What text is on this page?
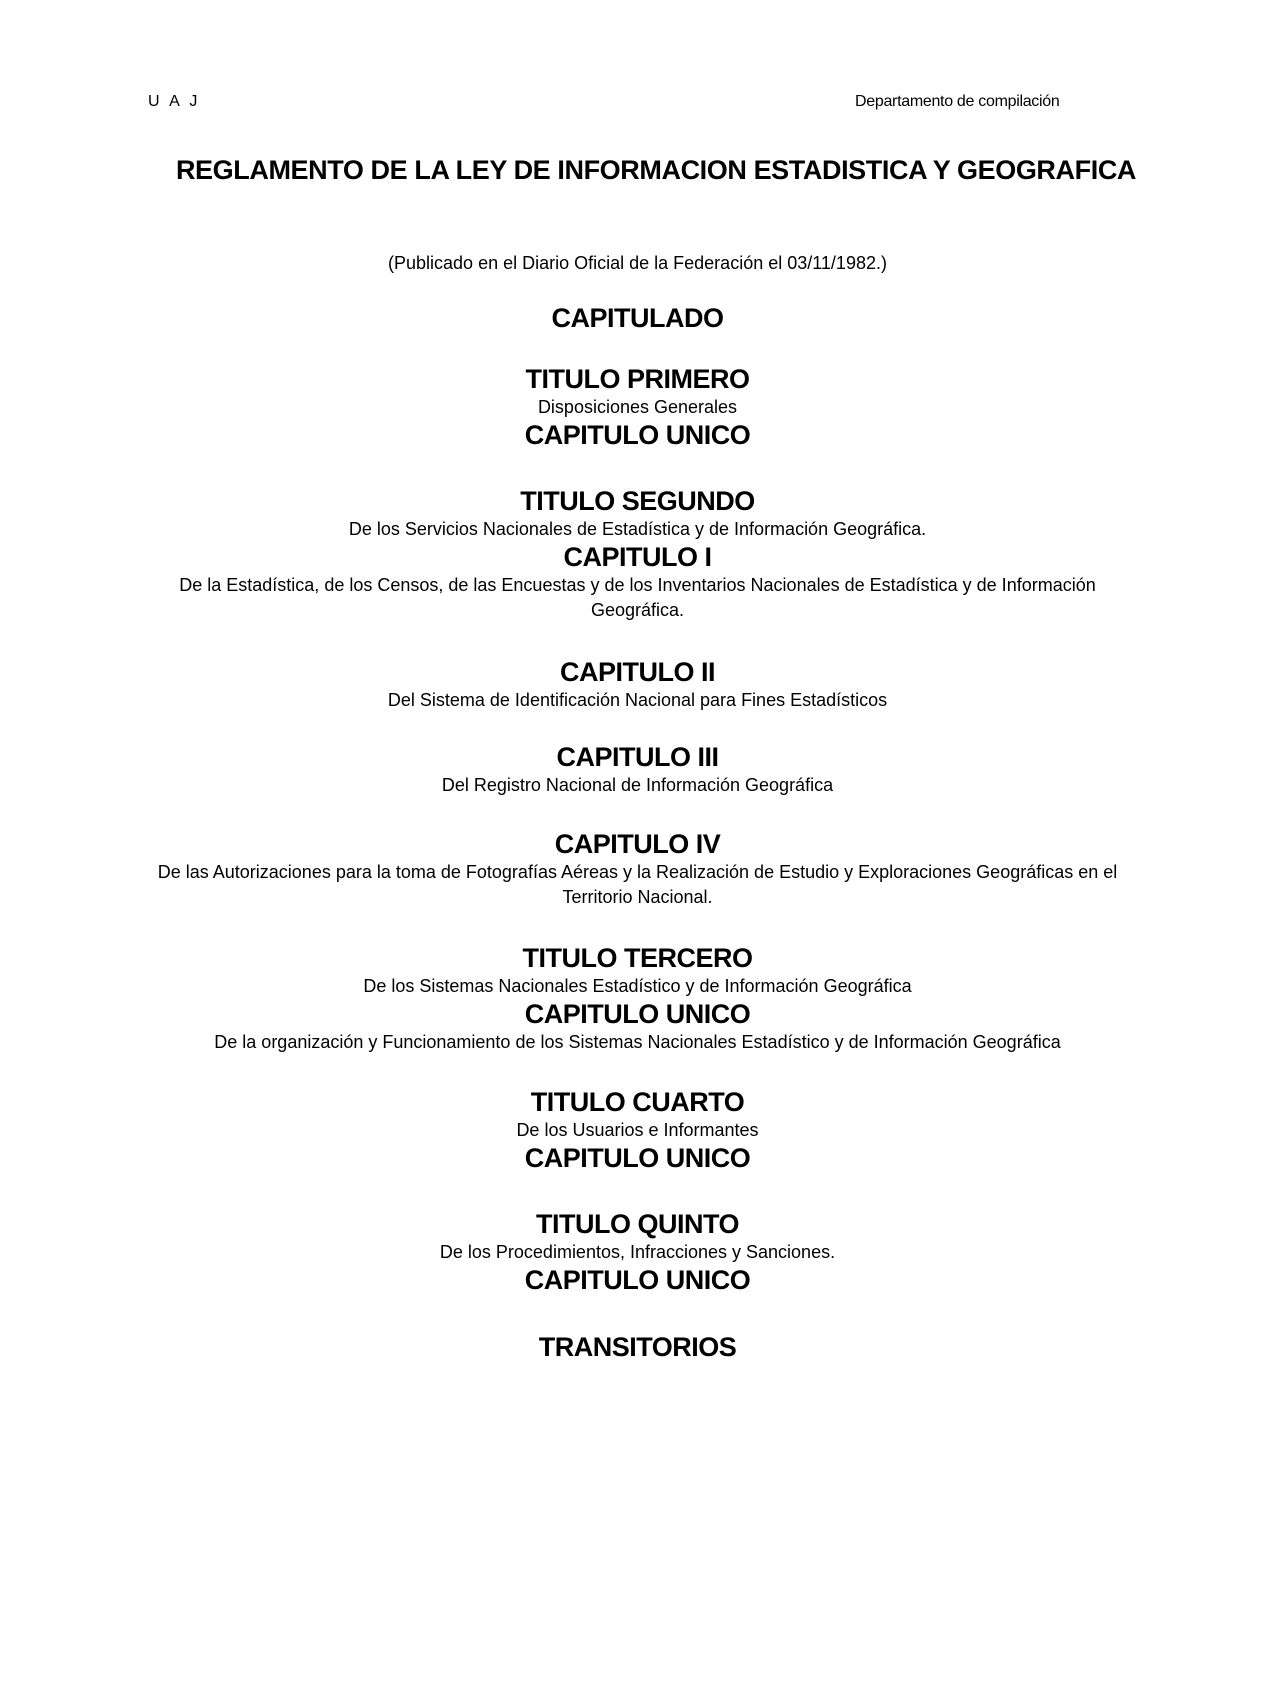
U A J	Departamento de compilación
REGLAMENTO DE LA LEY DE INFORMACION ESTADISTICA Y GEOGRAFICA
(Publicado en el Diario Oficial de la Federación el 03/11/1982.)
CAPITULADO
TITULO PRIMERO
Disposiciones Generales
CAPITULO UNICO
TITULO SEGUNDO
De los Servicios Nacionales de Estadística y de Información Geográfica.
CAPITULO I
De la Estadística, de los Censos, de las Encuestas y de los Inventarios Nacionales de Estadística y de Información Geográfica.
CAPITULO II
Del Sistema de Identificación Nacional para Fines Estadísticos
CAPITULO III
Del Registro Nacional de Información Geográfica
CAPITULO IV
De las Autorizaciones para la toma de Fotografías Aéreas y la Realización de Estudio y Exploraciones Geográficas en el Territorio Nacional.
TITULO TERCERO
De los Sistemas Nacionales Estadístico y de Información Geográfica
CAPITULO UNICO
De la organización y Funcionamiento de los Sistemas Nacionales Estadístico y de Información Geográfica
TITULO CUARTO
De los Usuarios e Informantes
CAPITULO UNICO
TITULO QUINTO
De los Procedimientos, Infracciones y Sanciones.
CAPITULO UNICO
TRANSITORIOS
